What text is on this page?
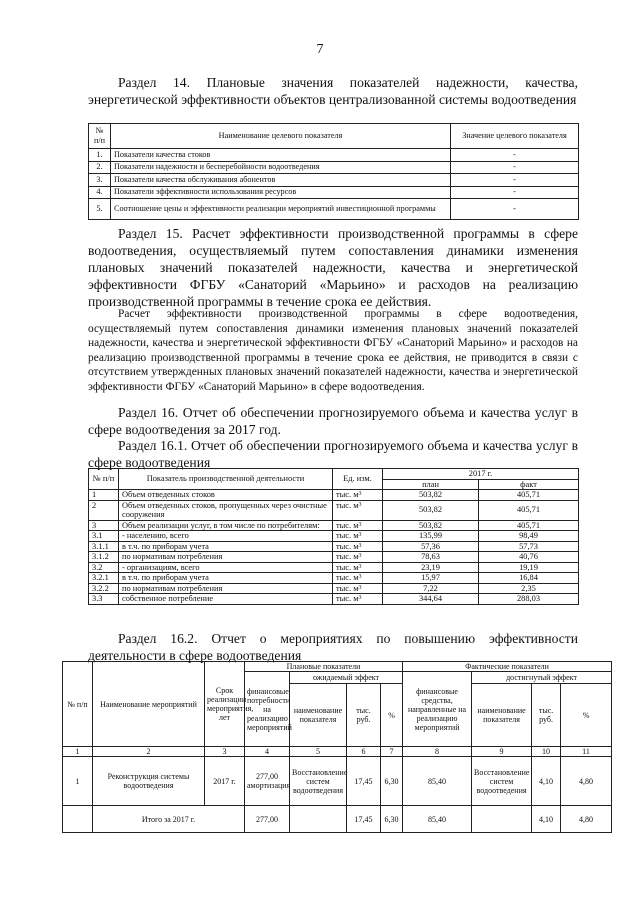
7
Раздел 14. Плановые значения показателей надежности, качества, энергетической эффективности объектов централизованной системы водоотведения
№ п/п	Наименование целевого показателя	Значение целевого показателя
1.	Показатели качества стоков	-
2.	Показатели надежности и бесперебойности водоотведения	-
3.	Показатели качества обслуживания абонентов	-
4.	Показатели эффективности использования ресурсов	-
5.	Соотношение цены и эффективности реализации мероприятий инвестиционной программы	-
Раздел 15. Расчет эффективности производственной программы в сфере водоотведения, осуществляемый путем сопоставления динамики изменения плановых значений показателей надежности, качества и энергетической эффективности ФГБУ «Санаторий «Марьино» и расходов на реализацию производственной программы в течение срока ее действия.
Расчет эффективности производственной программы в сфере водоотведения, осуществляемый путем сопоставления динамики изменения плановых значений показателей надежности, качества и энергетической эффективности ФГБУ «Санаторий Марьино» и расходов на реализацию производственной программы в течение срока ее действия, не приводится в связи с отсутствием утвержденных плановых значений показателей надежности, качества и энергетической эффективности ФГБУ «Санаторий Марьино» в сфере водоотведения.
Раздел 16. Отчет об обеспечении прогнозируемого объема и качества услуг в сфере водоотведения за 2017 год.
Раздел 16.1. Отчет об обеспечении прогнозируемого объема и качества услуг в сфере водоотведения
№ п/п	Показатель производственной деятельности	Ед. изм.	2017 г.	
			план	факт
1	Объем отведенных стоков	тыс. $м^3$	503,82	405,71
2	Объем отведенных стоков, пропущенных через очистные сооружения	тыс. $м^3$	503,82	405,71
3	Объем реализации услуг, в том числе по потребителям:	тыс. $м^3$	503,82	405,71
3.1	- населению, всего	тыс. $м^3$	135,99	98,49
3.1.1	в т.ч. по приборам учета	тыс. $м^3$	57,36	57,73
3.1.2	по нормативам потребления	тыс. $м^3$	78,63	40,76
3.2	- организациям, всего	тыс. $м^3$	23,19	19,19
3.2.1	в т.ч. по приборам учета	тыс. $м^3$	15,97	16,84
3.2.2	по нормативам потребления	тыс. $м^3$	7,22	2,35
3.3	собственное потребление	тыс. $м^3$	344,64	288,03
Раздел 16.2. Отчет о мероприятиях по повышению эффективности деятельности в сфере водоотведения
№ п/п	Наименование мероприятий	Срок реализации мероприятия, лет	Плановые показатели				Фактические показатели			
			финансовые потребности на реализацию мероприятий	ожидаемый эффект			финансовые средства, направленные на реализацию мероприятий	достигнутый эффект		
				наименование показателя	тыс. руб.	%		наименование показателя	тыс. руб.	%
1	2	3	4	5	6	7	8	9	10	11
1	Реконструкция системы водоотведения	2017 г.	277,00 амортизация	Восстановление систем водоотведения	17,45	6,30	85,40	Восстановление систем водоотведения	4,10	4,80
	Итого за 2017 г.		277,00		17,45	6,30	85,40		4,10	4,80
